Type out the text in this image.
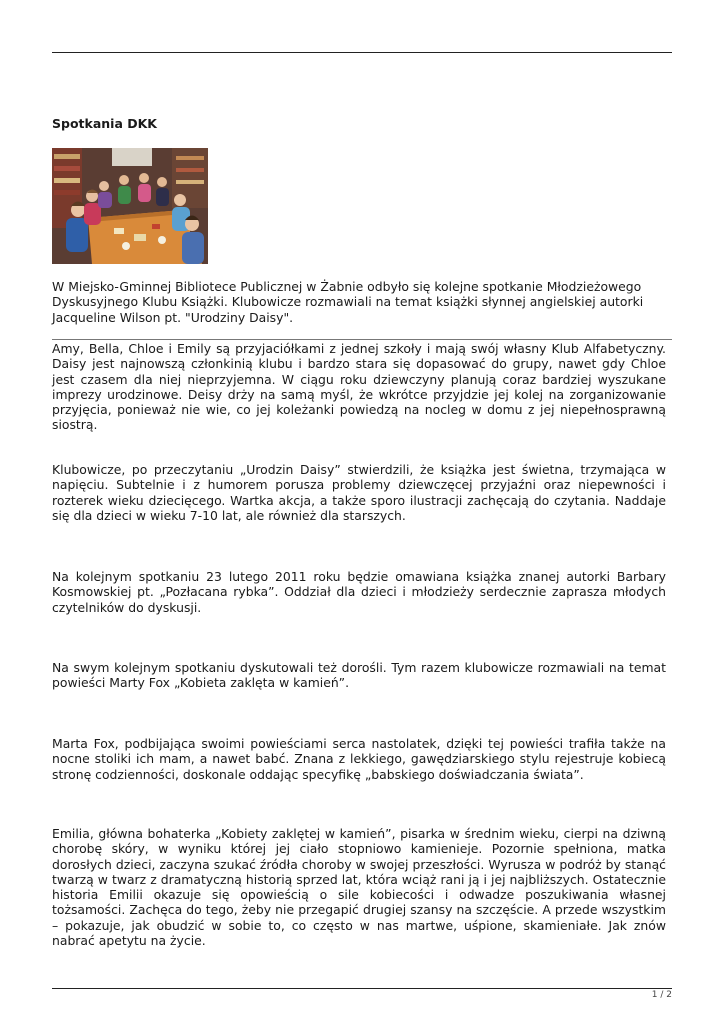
Spotkania DKK

W Miejsko-Gminnej Bibliotece Publicznej w Żabnie odbyło się kolejne spotkanie Młodzieżowego Dyskusyjnego Klubu Książki. Klubowicze rozmawiali na temat książki słynnej angielskiej autorki Jacqueline Wilson pt. "Urodziny Daisy".

Amy, Bella, Chloe i Emily są przyjaciółkami z jednej szkoły i mają swój własny Klub Alfabetyczny. Daisy jest najnowszą członkinią klubu i bardzo stara się dopasować do grupy, nawet gdy Chloe jest czasem dla niej nieprzyjemna. W ciągu roku dziewczyny planują coraz bardziej wyszukane imprezy urodzinowe. Deisy drży na samą myśl, że wkrótce przyjdzie jej kolej na zorganizowanie przyjęcia, ponieważ nie wie, co jej koleżanki powiedzą na nocleg w domu z jej niepełnosprawną siostrą.

Klubowicze, po przeczytaniu „Urodzin Daisy” stwierdzili, że książka jest świetna, trzymająca w napięciu. Subtelnie i z humorem porusza problemy dziewczęcej przyjaźni oraz niepewności i rozterek wieku dziecięcego. Wartka akcja, a także sporo ilustracji zachęcają do czytania. Naddaje się dla dzieci w wieku 7-10 lat, ale również dla starszych.

Na kolejnym spotkaniu 23 lutego 2011 roku będzie omawiana książka znanej autorki Barbary Kosmowskiej pt. „Pozłacana rybka”. Oddział dla dzieci i młodzieży serdecznie zaprasza młodych czytelników do dyskusji.

Na swym kolejnym spotkaniu dyskutowali też dorośli. Tym razem klubowicze rozmawiali na temat powieści Marty Fox „Kobieta zaklęta w kamień”.

Marta Fox, podbijająca swoimi powieściami serca nastolatek, dzięki tej powieści trafiła także na nocne stoliki ich mam, a nawet babć. Znana z lekkiego, gawędziarskiego stylu rejestruje kobiecą stronę codzienności, doskonale oddając specyfikę „babskiego doświadczania świata”.

Emilia, główna bohaterka „Kobiety zaklętej w kamień”, pisarka w średnim wieku, cierpi na dziwną chorobę skóry, w wyniku której jej ciało stopniowo kamienieje. Pozornie spełniona, matka dorosłych dzieci, zaczyna szukać źródła choroby w swojej przeszłości. Wyrusza w podróż by stanąć twarzą w twarz z dramatyczną historią sprzed lat, która wciąż rani ją i jej najbliższych. Ostatecznie historia Emilii okazuje się opowieścią o sile kobiecości i odwadze poszukiwania własnej tożsamości. Zachęca do tego, żeby nie przegapić drugiej szansy na szczęście. A przede wszystkim – pokazuje, jak obudzić w sobie to, co często w nas martwe, uśpione, skamieniałe. Jak znów nabrać apetytu na życie.

1 / 2
